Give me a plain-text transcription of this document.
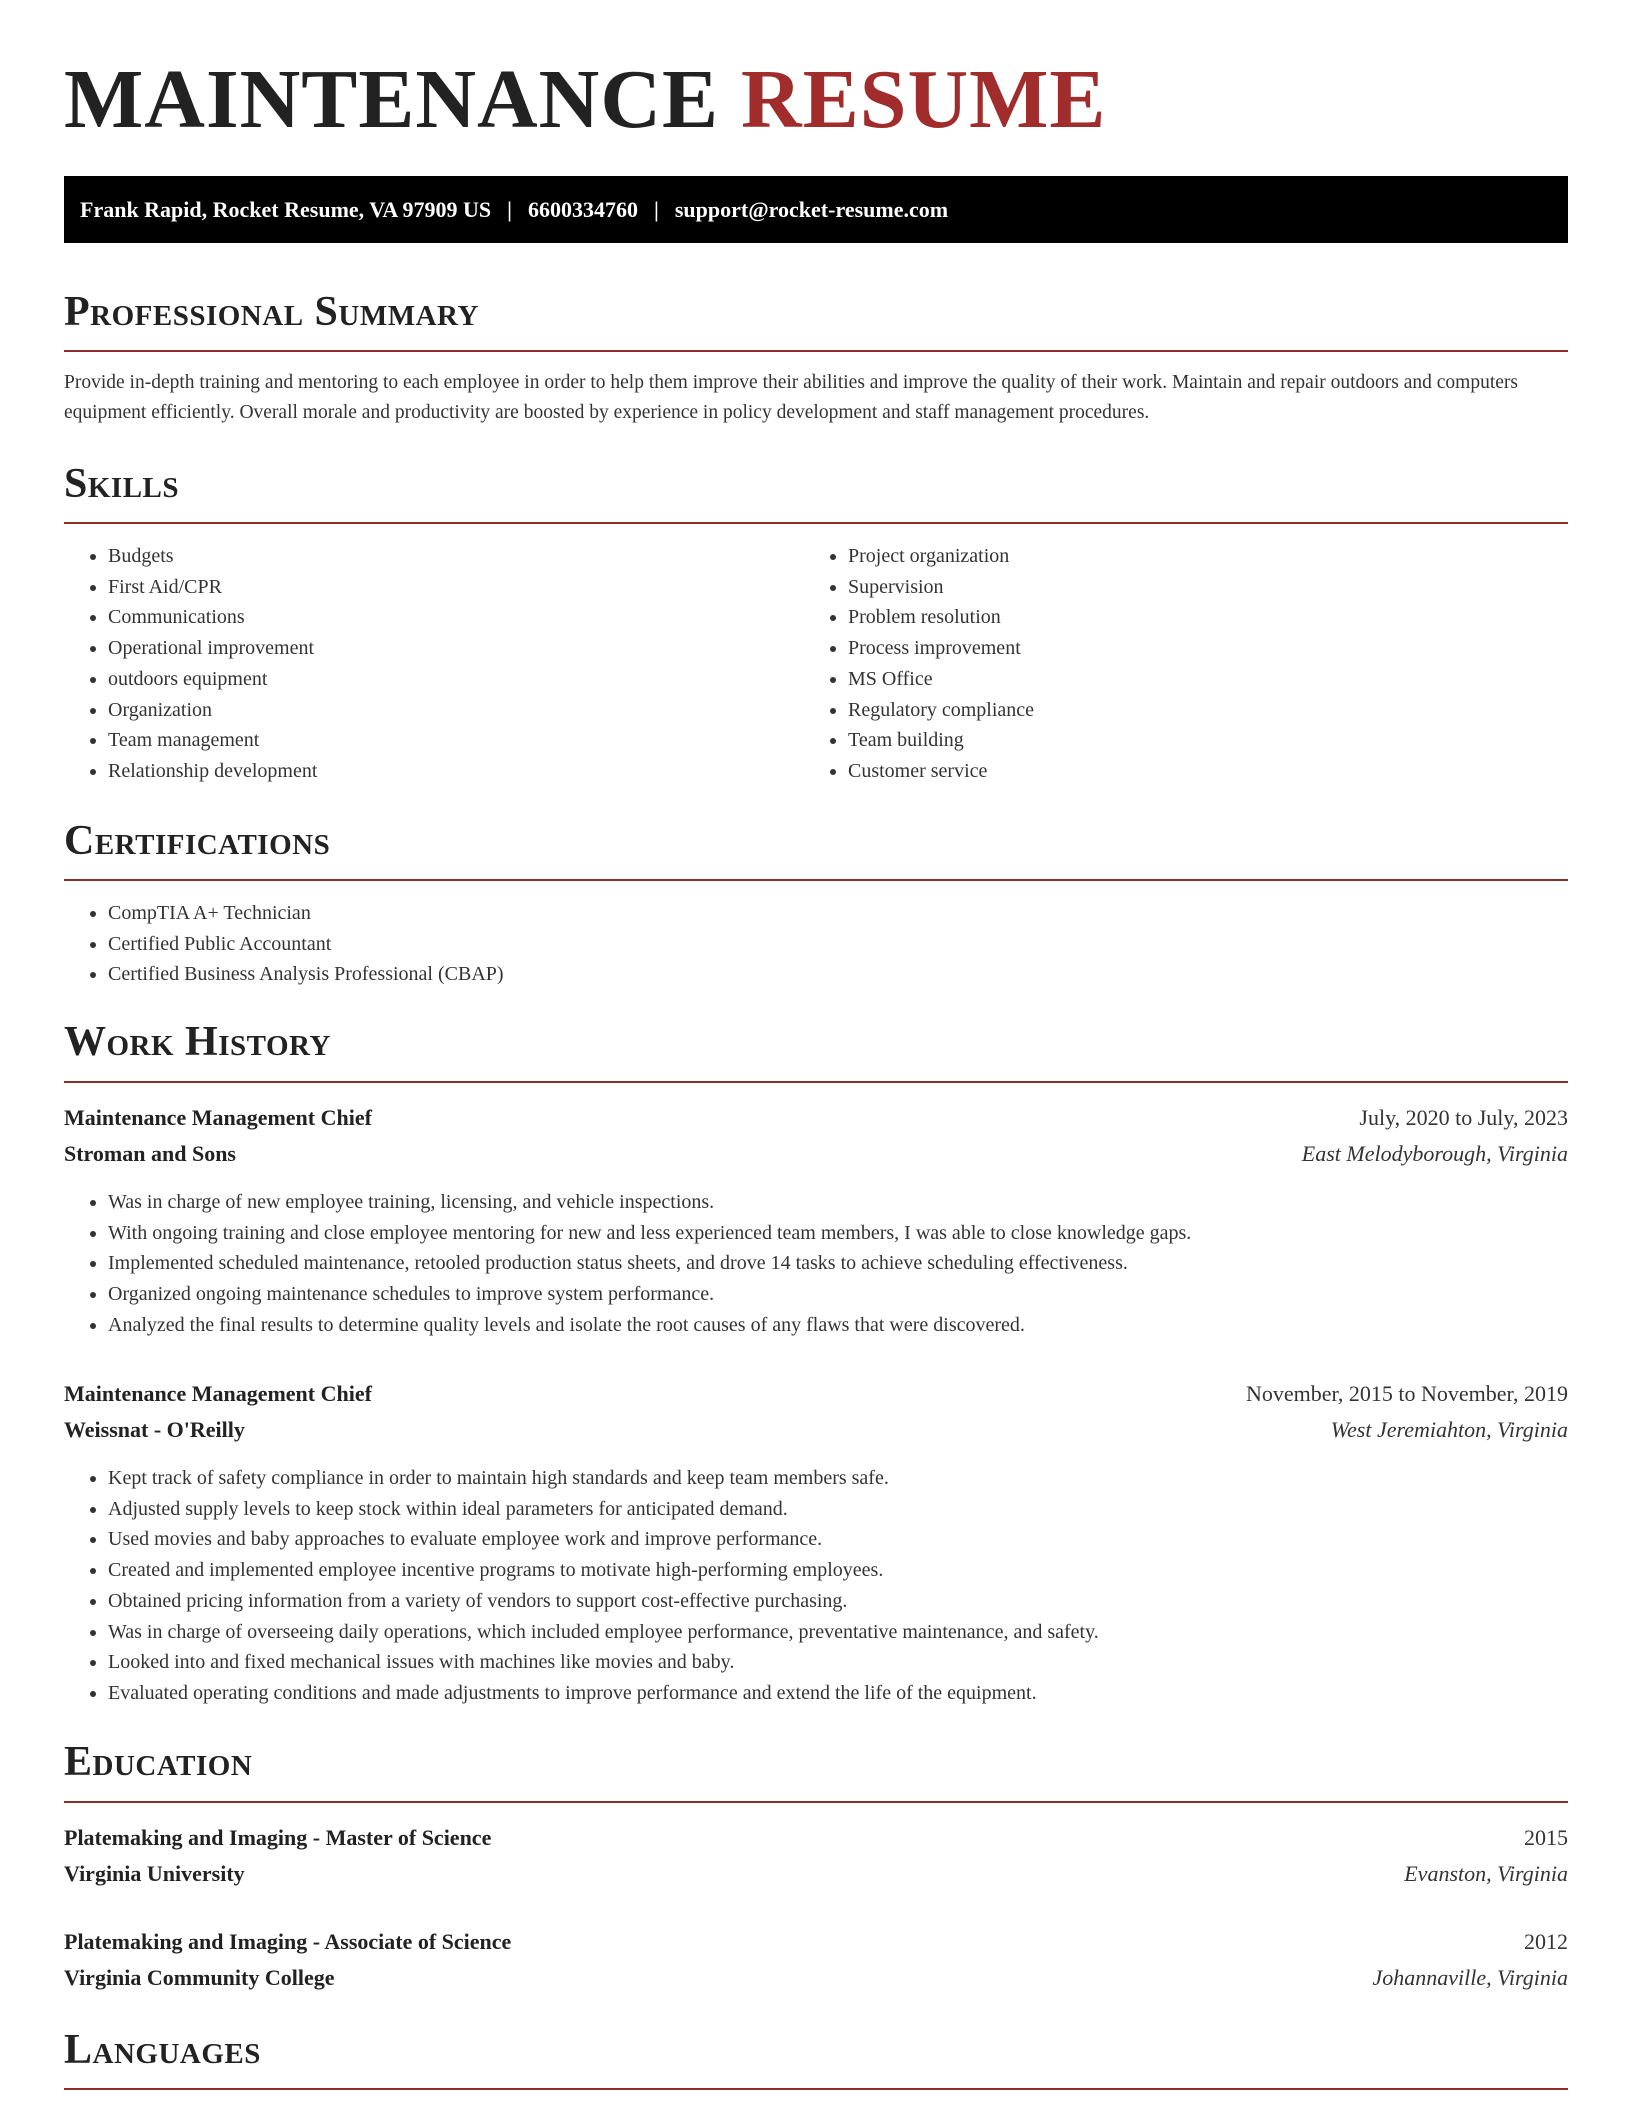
MAINTENANCE RESUME
Frank Rapid, Rocket Resume, VA 97909 US | 6600334760 | support@rocket-resume.com
Professional Summary

Provide in-depth training and mentoring to each employee in order to help them improve their abilities and improve the quality of their work. Maintain and repair outdoors and computers equipment efficiently. Overall morale and productivity are boosted by experience in policy development and staff management procedures.

Skills
• Budgets
• First Aid/CPR
• Communications
• Operational improvement
• outdoors equipment
• Organization
• Team management
• Relationship development
• Project organization
• Supervision
• Problem resolution
• Process improvement
• MS Office
• Regulatory compliance
• Team building
• Customer service
Certifications
• CompTIA A+ Technician
• Certified Public Accountant
• Certified Business Analysis Professional (CBAP)
Work History
Maintenance Management Chief	July, 2020 to July, 2023
Stroman and Sons	East Melodyborough, Virginia
• Was in charge of new employee training, licensing, and vehicle inspections.
• With ongoing training and close employee mentoring for new and less experienced team members, I was able to close knowledge gaps.
• Implemented scheduled maintenance, retooled production status sheets, and drove 14 tasks to achieve scheduling effectiveness.
• Organized ongoing maintenance schedules to improve system performance.
• Analyzed the final results to determine quality levels and isolate the root causes of any flaws that were discovered.
Maintenance Management Chief	November, 2015 to November, 2019
Weissnat - O'Reilly	West Jeremiahton, Virginia
• Kept track of safety compliance in order to maintain high standards and keep team members safe.
• Adjusted supply levels to keep stock within ideal parameters for anticipated demand.
• Used movies and baby approaches to evaluate employee work and improve performance.
• Created and implemented employee incentive programs to motivate high-performing employees.
• Obtained pricing information from a variety of vendors to support cost-effective purchasing.
• Was in charge of overseeing daily operations, which included employee performance, preventative maintenance, and safety.
• Looked into and fixed mechanical issues with machines like movies and baby.
• Evaluated operating conditions and made adjustments to improve performance and extend the life of the equipment.
Education
Platemaking and Imaging - Master of Science	2015
Virginia University	Evanston, Virginia
Platemaking and Imaging - Associate of Science	2012
Virginia Community College	Johannaville, Virginia
Languages
